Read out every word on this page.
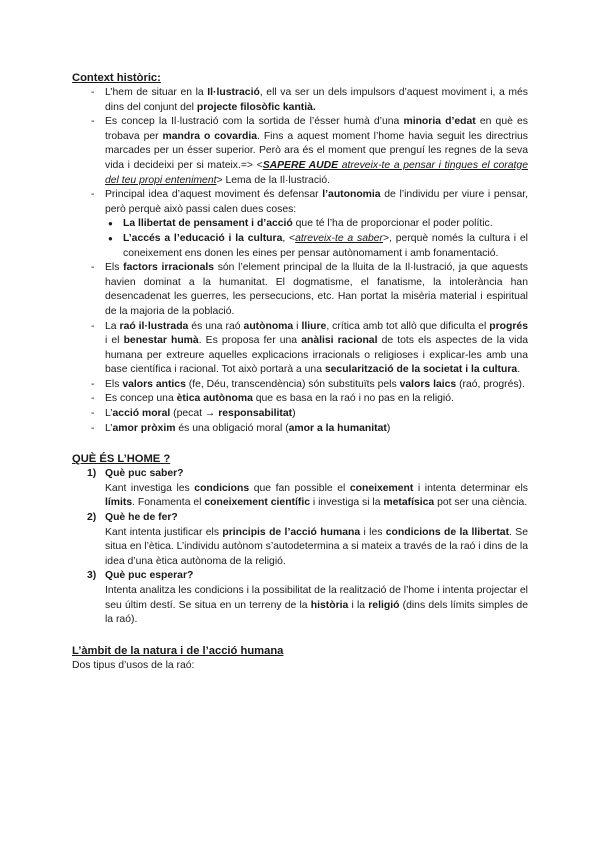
Context històric:
- L’hem de situar en la Il·lustració, ell va ser un dels impulsors d’aquest moviment i, a més dins del conjunt del projecte filosòfic kantià.
- Es concep la Il·lustració com la sortida de l’ésser humà d’una minoria d’edat en què es trobava per mandra o covardia. Fins a aquest moment l’home havia seguit les directrius marcades per un ésser superior. Però ara és el moment que prenguí les regnes de la seva vida i decideixi per si mateix.=> <SAPERE AUDE atreveix-te a pensar i tingues el coratge del teu propi enteniment> Lema de la Il·lustració.
- Principal idea d’aquest moviment és defensar l’autonomia de l’individu per viure i pensar, però perquè això passi calen dues coses:
● La llibertat de pensament i d’acció que té l’ha de proporcionar el poder polític.
● L’accés a l’educació i la cultura, <atreveix-te a saber>, perquè només la cultura i el coneixement ens donen les eines per pensar autònomament i amb fonamentació.
- Els factors irracionals són l’element principal de la lluita de la Il·lustració, ja que aquests havien dominat a la humanitat. El dogmatisme, el fanatisme, la intolerància han desencadenat les guerres, les persecucions, etc. Han portat la misèria material i espiritual de la majoria de la població.
- La raó il·lustrada és una raó autònoma i lliure, crítica amb tot allò que dificulta el progrés i el benestar humà. Es proposa fer una anàlisi racional de tots els aspectes de la vida humana per extreure aquelles explicacions irracionals o religioses i explicar-les amb una base científica i racional. Tot això portarà a una secularització de la societat i la cultura.
- Els valors antics (fe, Déu, transcendència) són substituïts pels valors laics (raó, progrés).
- Es concep una ètica autònoma que es basa en la raó i no pas en la religió.
- L’acció moral (pecat → responsabilitat)
- L’amor pròxim és una obligació moral (amor a la humanitat)
QUÈ ÉS L’HOME ?
1) Què puc saber?
Kant investiga les condicions que fan possible el coneixement i intenta determinar els límits. Fonamenta el coneixement científic i investiga si la metafísica pot ser una ciència.
2) Què he de fer?
Kant intenta justificar els principis de l’acció humana i les condicions de la llibertat. Se situa en l’ètica. L’individu autònom s’autodetermina a si mateix a través de la raó i dins de la idea d’una ètica autònoma de la religió.
3) Què puc esperar?
Intenta analitza les condicions i la possibilitat de la realització de l’home i intenta projectar el seu últim destí. Se situa en un terreny de la història i la religió (dins dels límits simples de la raó).
L’àmbit de la natura i de l’acció humana
Dos tipus d’usos de la raó:
